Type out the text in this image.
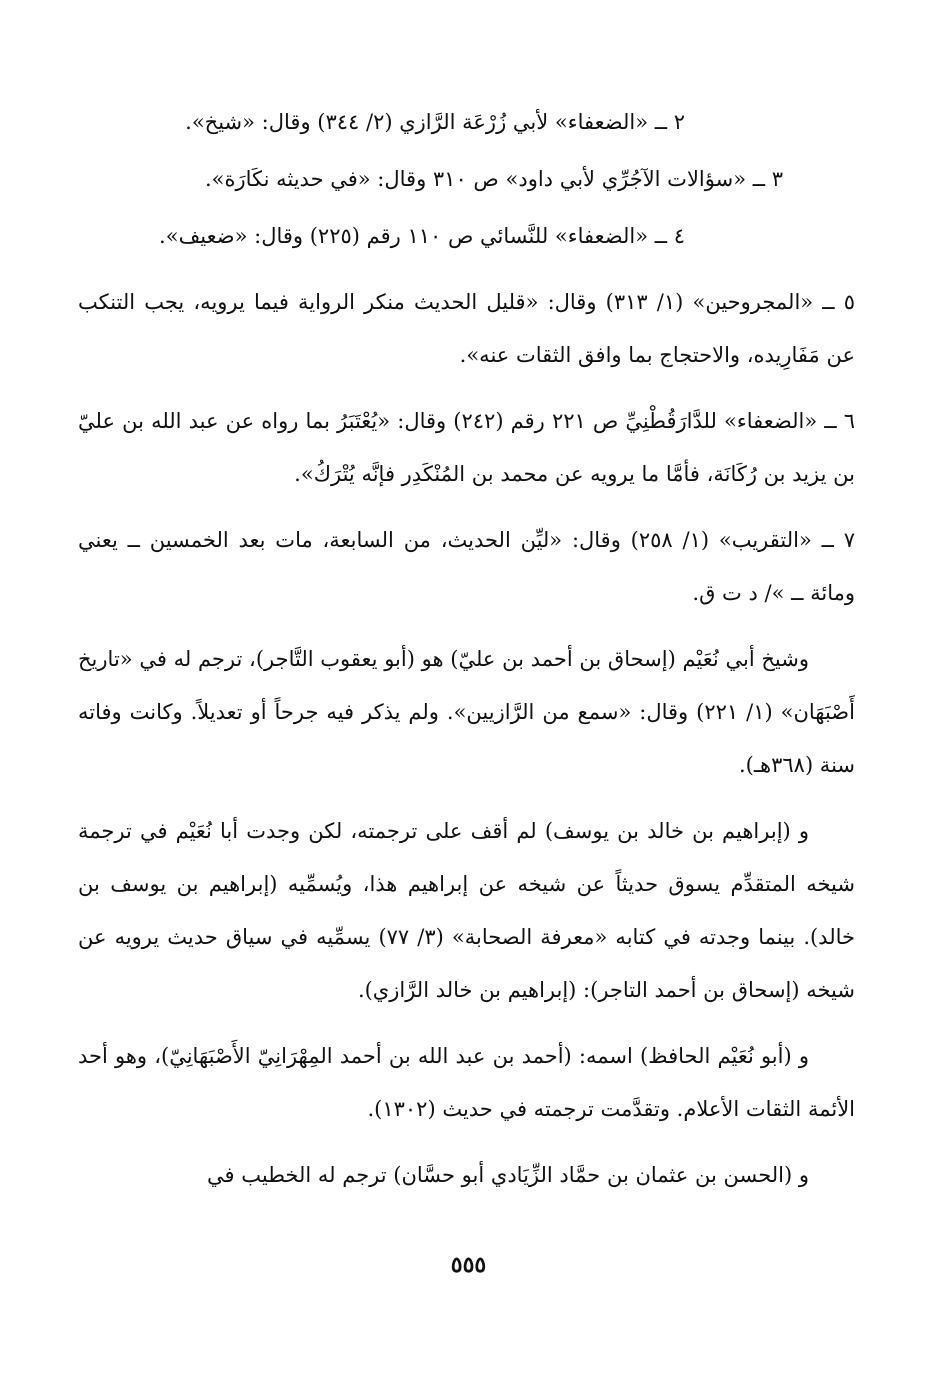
٢ ــ «الضعفاء» لأبي زُرْعَة الرَّازي (٢/ ٣٤٤) وقال: «شيخ».

٣ ــ «سؤالات الآجُرِّي لأبي داود» ص ٣١٠ وقال: «في حديثه نكَارَة».

٤ ــ «الضعفاء» للنَّسائي ص ١١٠ رقم (٢٢٥) وقال: «ضعيف».

٥ ــ «المجروحين» (١/ ٣١٣) وقال: «قليل الحديث منكر الرواية فيما يرويه، يجب التنكب عن مَفَارِيده، والاحتجاج بما وافق الثقات عنه».

٦ ــ «الضعفاء» للدَّارَقُطْنِيِّ ص ٢٢١ رقم (٢٤٢) وقال: «يُعْتَبَرُ بما رواه عن عبد الله بن عليّ بن يزيد بن رُكَانَة، فأمَّا ما يرويه عن محمد بن المُنْكَدِر فإنَّه يُتْرَكُ».

٧ ــ «التقريب» (١/ ٢٥٨) وقال: «ليِّن الحديث، من السابعة، مات بعد الخمسين ــ يعني ومائة ــ »/ د ت ق.

وشيخ أبي نُعَيْم (إسحاق بن أحمد بن عليّ) هو (أبو يعقوب التَّاجر)، ترجم له في «تاريخ أَصْبَهَان» (١/ ٢٢١) وقال: «سمع من الرَّازيين». ولم يذكر فيه جرحاً أو تعديلاً. وكانت وفاته سنة (٣٦٨هـ).

و (إبراهيم بن خالد بن يوسف) لم أقف على ترجمته، لكن وجدت أبا نُعَيْم في ترجمة شيخه المتقدِّم يسوق حديثاً عن شيخه عن إبراهيم هذا، ويُسمِّيه (إبراهيم بن يوسف بن خالد). بينما وجدته في كتابه «معرفة الصحابة» (٣/ ٧٧) يسمِّيه في سياق حديث يرويه عن شيخه (إسحاق بن أحمد التاجر): (إبراهيم بن خالد الرَّازي).

و (أبو نُعَيْم الحافظ) اسمه: (أحمد بن عبد الله بن أحمد المِهْرَانِيّ الأَصْبَهَانِيّ)، وهو أحد الأئمة الثقات الأعلام. وتقدَّمت ترجمته في حديث (١٣٠٢).

و (الحسن بن عثمان بن حمَّاد الزِّيَادي أبو حسَّان) ترجم له الخطيب في

٥٥٥
